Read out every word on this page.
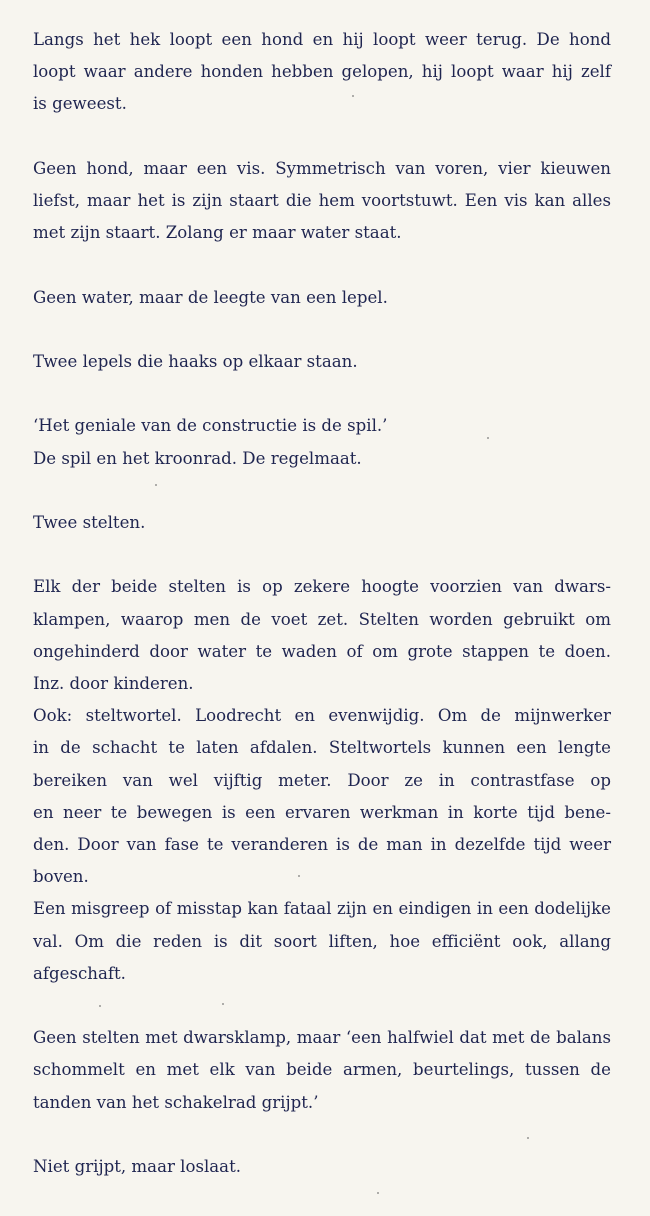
Langs het hek loopt een hond en hij loopt weer terug. De hond
loopt waar andere honden hebben gelopen, hij loopt waar hij zelf
is geweest.
Geen hond, maar een vis. Symmetrisch van voren, vier kieuwen
liefst, maar het is zijn staart die hem voortstuwt. Een vis kan alles
met zijn staart. Zolang er maar water staat.
Geen water, maar de leegte van een lepel.
Twee lepels die haaks op elkaar staan.
‘Het geniale van de constructie is de spil.’
De spil en het kroonrad. De regelmaat.
Twee stelten.
Elk der beide stelten is op zekere hoogte voorzien van dwars-
klampen, waarop men de voet zet. Stelten worden gebruikt om
ongehinderd door water te waden of om grote stappen te doen.
Inz. door kinderen.
Ook: steltwortel. Loodrecht en evenwijdig. Om de mijnwerker
in de schacht te laten afdalen. Steltwortels kunnen een lengte
bereiken van wel vijftig meter. Door ze in contrastfase op
en neer te bewegen is een ervaren werkman in korte tijd bene-
den. Door van fase te veranderen is de man in dezelfde tijd weer
boven.
Een misgreep of misstap kan fataal zijn en eindigen in een dodelijke
val. Om die reden is dit soort liften, hoe efficiënt ook, allang
afgeschaft.
Geen stelten met dwarsklamp, maar ‘een halfwiel dat met de balans
schommelt en met elk van beide armen, beurtelings, tussen de
tanden van het schakelrad grijpt.’
Niet grijpt, maar loslaat.
